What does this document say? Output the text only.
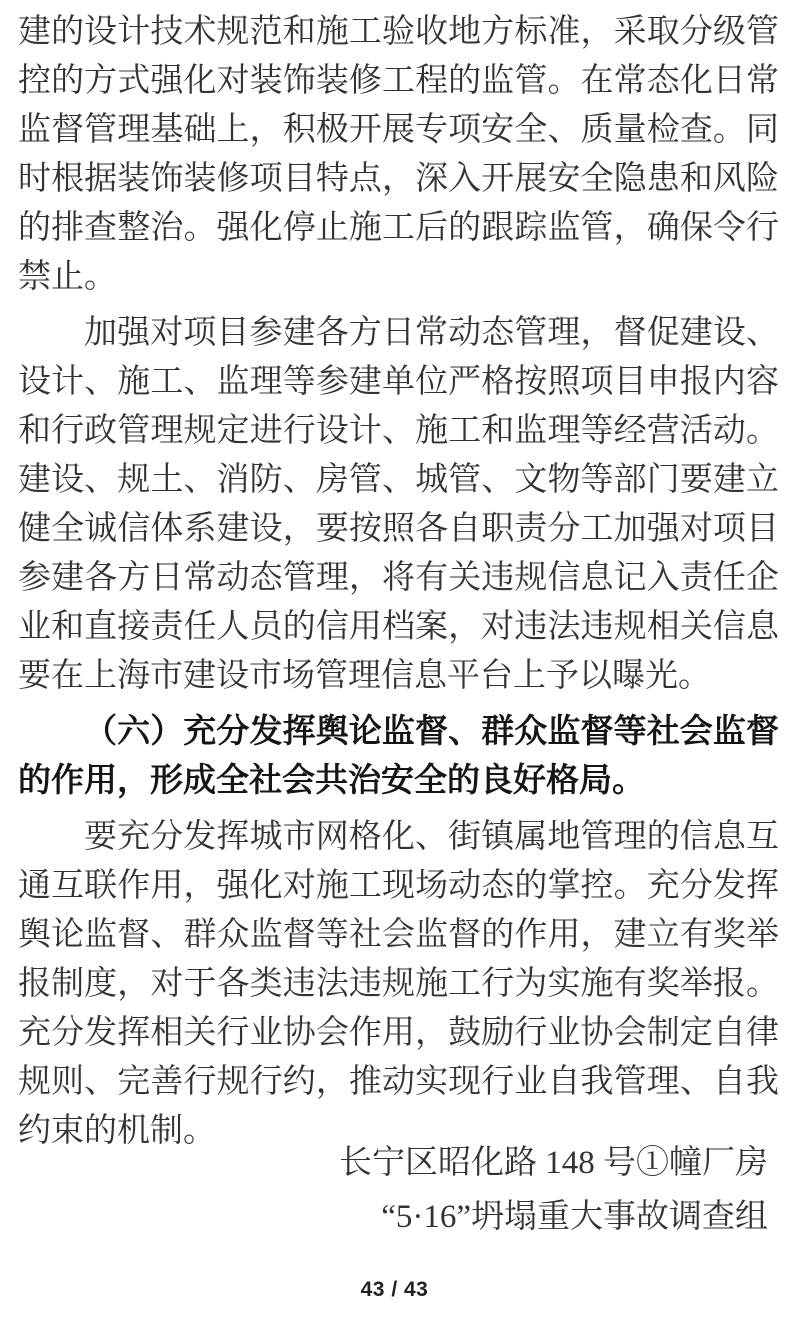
建的设计技术规范和施工验收地方标准，采取分级管控的方式强化对装饰装修工程的监管。在常态化日常监督管理基础上，积极开展专项安全、质量检查。同时根据装饰装修项目特点，深入开展安全隐患和风险的排查整治。强化停止施工后的跟踪监管，确保令行禁止。

加强对项目参建各方日常动态管理，督促建设、设计、施工、监理等参建单位严格按照项目申报内容和行政管理规定进行设计、施工和监理等经营活动。建设、规土、消防、房管、城管、文物等部门要建立健全诚信体系建设，要按照各自职责分工加强对项目参建各方日常动态管理，将有关违规信息记入责任企业和直接责任人员的信用档案，对违法违规相关信息要在上海市建设市场管理信息平台上予以曝光。

（六）充分发挥舆论监督、群众监督等社会监督的作用，形成全社会共治安全的良好格局。

要充分发挥城市网格化、街镇属地管理的信息互通互联作用，强化对施工现场动态的掌控。充分发挥舆论监督、群众监督等社会监督的作用，建立有奖举报制度，对于各类违法违规施工行为实施有奖举报。充分发挥相关行业协会作用，鼓励行业协会制定自律规则、完善行规行约，推动实现行业自我管理、自我约束的机制。

长宁区昭化路 148 号①幢厂房

“5·16”坍塌重大事故调查组

43 / 43
